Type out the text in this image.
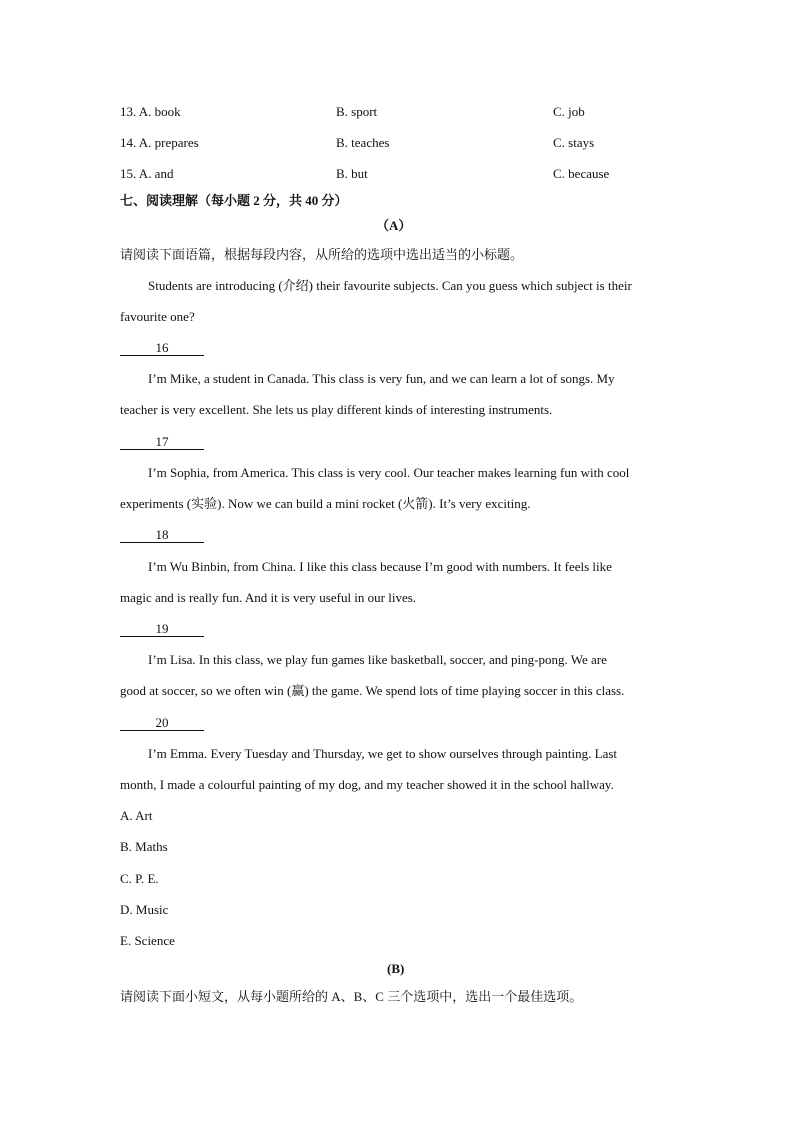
13. A. book	B. sport	C. job
14. A. prepares	B. teaches	C. stays
15. A. and	B. but	C. because
七、阅读理解（每小题 2 分，共 40 分）
（A）
请阅读下面语篇，根据每段内容，从所给的选项中选出适当的小标题。
Students are introducing (介绍) their favourite subjects. Can you guess which subject is their
favourite one?
16
I’m Mike, a student in Canada. This class is very fun, and we can learn a lot of songs. My
teacher is very excellent. She lets us play different kinds of interesting instruments.
17
I’m Sophia, from America. This class is very cool. Our teacher makes learning fun with cool
experiments (实验). Now we can build a mini rocket (火箭). It’s very exciting.
18
I’m Wu Binbin, from China. I like this class because I’m good with numbers. It feels like
magic and is really fun. And it is very useful in our lives.
19
I’m Lisa. In this class, we play fun games like basketball, soccer, and ping-pong. We are
good at soccer, so we often win (赢) the game. We spend lots of time playing soccer in this class.
20
I’m Emma. Every Tuesday and Thursday, we get to show ourselves through painting. Last
month, I made a colourful painting of my dog, and my teacher showed it in the school hallway.
A. Art
B. Maths
C. P. E.
D. Music
E. Science
(B)
请阅读下面小短文，从每小题所给的 A、B、C 三个选项中，选出一个最佳选项。
